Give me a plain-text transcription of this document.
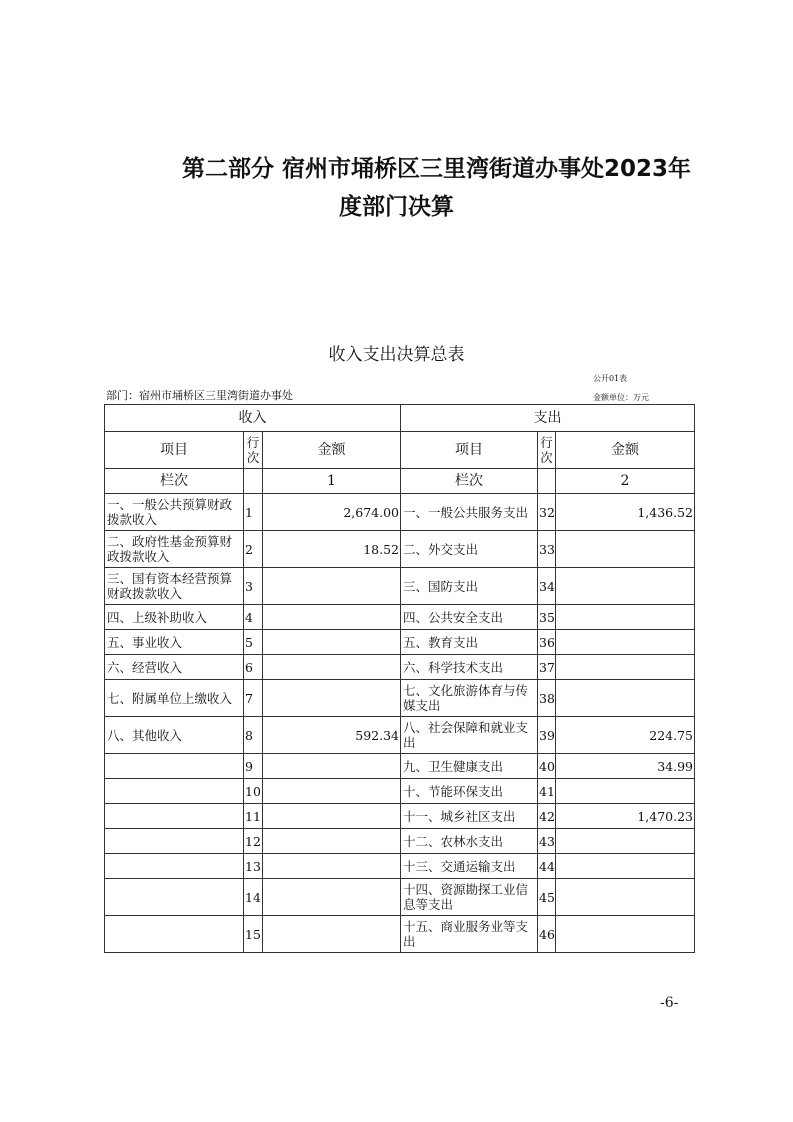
第二部分 宿州市埇桥区三里湾街道办事处2023年
度部门决算
收入支出决算总表
公开01表
部门：宿州市埇桥区三里湾街道办事处	金额单位：万元
收入			支出		
项目	行次	金额	项目	行次	金额
栏次		1	栏次		2
一、一般公共预算财政拨款收入	1	2,674.00	一、一般公共服务支出	32	1,436.52
二、政府性基金预算财政拨款收入	2	18.52	二、外交支出	33	
三、国有资本经营预算财政拨款收入	3		三、国防支出	34	
四、上级补助收入	4		四、公共安全支出	35	
五、事业收入	5		五、教育支出	36	
六、经营收入	6		六、科学技术支出	37	
七、附属单位上缴收入	7		七、文化旅游体育与传媒支出	38	
八、其他收入	8	592.34	八、社会保障和就业支出	39	224.75
	9		九、卫生健康支出	40	34.99
	10		十、节能环保支出	41	
	11		十一、城乡社区支出	42	1,470.23
	12		十二、农林水支出	43	
	13		十三、交通运输支出	44	
	14		十四、资源勘探工业信息等支出	45	
	15		十五、商业服务业等支出	46	
-6-
